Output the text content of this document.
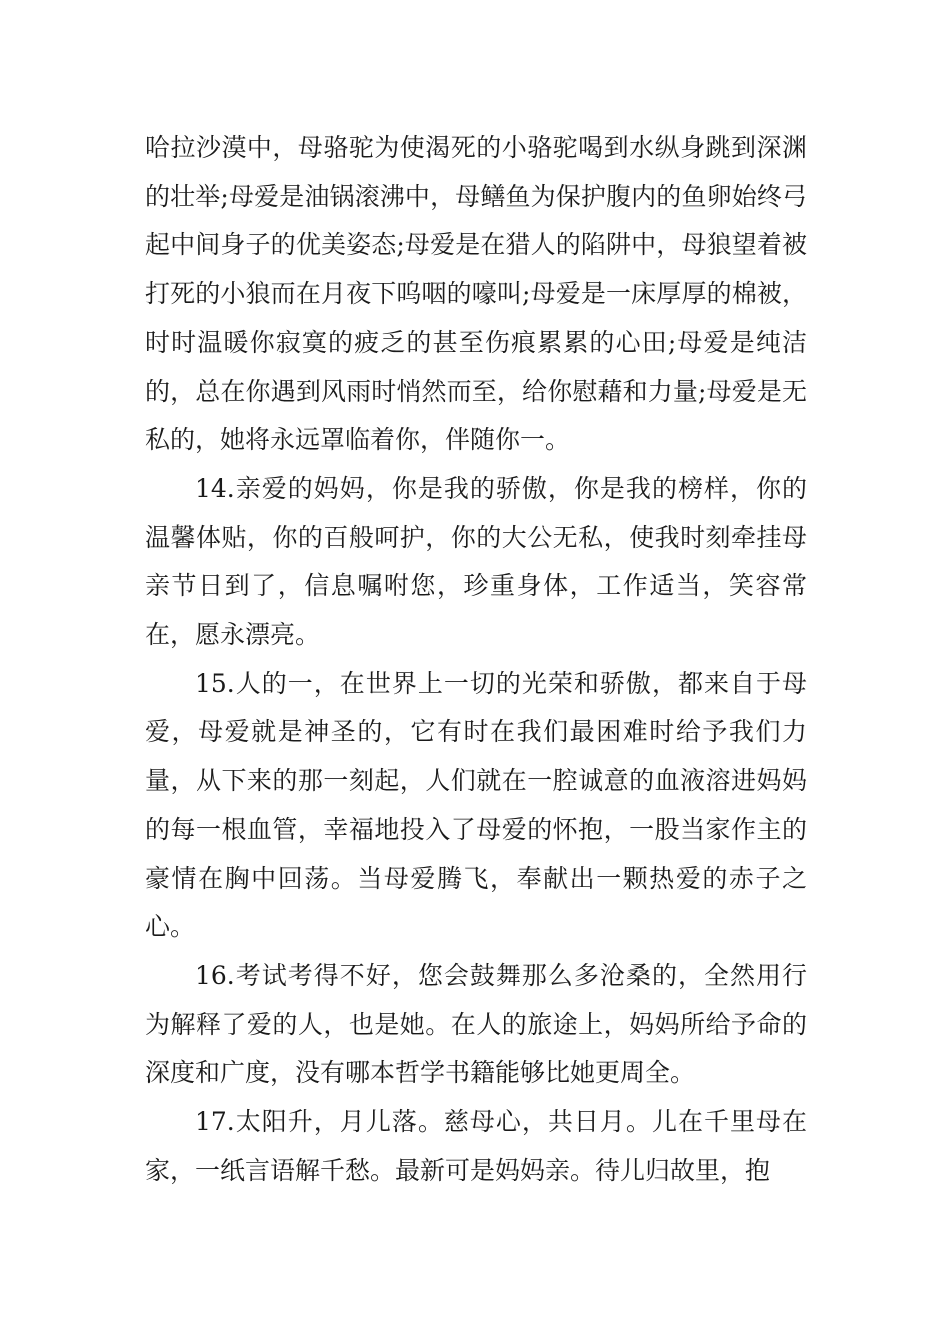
哈拉沙漠中，母骆驼为使渴死的小骆驼喝到水纵身跳到深渊的壮举;母爱是油锅滚沸中，母鳝鱼为保护腹内的鱼卵始终弓起中间身子的优美姿态;母爱是在猎人的陷阱中，母狼望着被打死的小狼而在月夜下呜咽的嚎叫;母爱是一床厚厚的棉被，时时温暖你寂寞的疲乏的甚至伤痕累累的心田;母爱是纯洁的，总在你遇到风雨时悄然而至，给你慰藉和力量;母爱是无私的，她将永远罩临着你，伴随你一。

14.亲爱的妈妈，你是我的骄傲，你是我的榜样，你的温馨体贴，你的百般呵护，你的大公无私，使我时刻牵挂母亲节日到了，信息嘱咐您，珍重身体，工作适当，笑容常在，愿永漂亮。

15.人的一，在世界上一切的光荣和骄傲，都来自于母爱，母爱就是神圣的，它有时在我们最困难时给予我们力量，从下来的那一刻起，人们就在一腔诚意的血液溶进妈妈的每一根血管，幸福地投入了母爱的怀抱，一股当家作主的豪情在胸中回荡。当母爱腾飞，奉献出一颗热爱的赤子之心。

16.考试考得不好，您会鼓舞那么多沧桑的，全然用行为解释了爱的人，也是她。在人的旅途上，妈妈所给予命的深度和广度，没有哪本哲学书籍能够比她更周全。

17.太阳升，月儿落。慈母心，共日月。儿在千里母在家，一纸言语解千愁。最新可是妈妈亲。待儿归故里，抱
